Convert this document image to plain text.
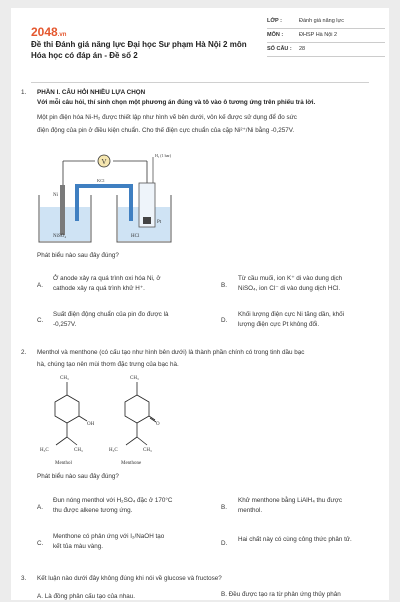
2048.vn
Đề thi Đánh giá năng lực Đại học Sư phạm Hà Nội 2 môn Hóa học có đáp án - Đề số 2
LỚP :	Đánh giá năng lực
MÔN :	ĐHSP Hà Nội 2
SỐ CÂU : 28
1. PHẦN I. CÂU HỎI NHIỀU LỰA CHỌN
Với mỗi câu hỏi, thí sinh chọn một phương án đúng và tô vào ô tương ứng trên phiếu trả lời.
Một pin điện hóa Ni-H₂ được thiết lập như hình vẽ bên dưới, vôn kế được sử dụng để đo sức
điện động của pin ở điều kiện chuẩn. Cho thế điện cực chuẩn của cặp Ni²⁺/Ni bằng -0,257V.
V
H₂ (1 bar)
KCl
Ni
Pt
NiSO₄	HCl
Phát biểu nào sau đây đúng?
A.
Ở anode xảy ra quá trình oxi hóa Ni, ở
cathode xảy ra quá trình khử H⁺.	B.
Từ cầu muối, ion K⁺ di vào dung dịch
NiSO₄, ion Cl⁻ di vào dung dịch HCl.
C.
Suất điện động chuẩn của pin đo được là
-0,257V.
D.
Khối lượng điện cực Ni tăng dần, khối
lượng điện cực Pt không đổi.
2. Menthol và menthone (có cấu tạo như hình bên dưới) là thành phần chính có trong tinh dầu bạc
hà, chúng tạo nên mùi thơm đặc trưng của bạc hà.
CH₃
OH
H₃C	CH₃
Menthol
CH₃
O
H₃C	CH₃
Menthone
Phát biểu nào sau đây đúng?
A.
Đun nóng menthol với H₂SO₄ đặc ở 170°C
thu được alkene tương ứng.	B.
Khử menthone bằng LiAlH₄ thu được
menthol.
C.
Menthone có phản ứng với I₂/NaOH tạo
kết tủa màu vàng.	D.
Hai chất này có cùng công thức phân tử.
3. Kết luận nào dưới đây không đúng khi nói về glucose và fructose?
A. Là đồng phân cấu tạo của nhau.	B. Đều được tạo ra từ phản ứng thủy phân
